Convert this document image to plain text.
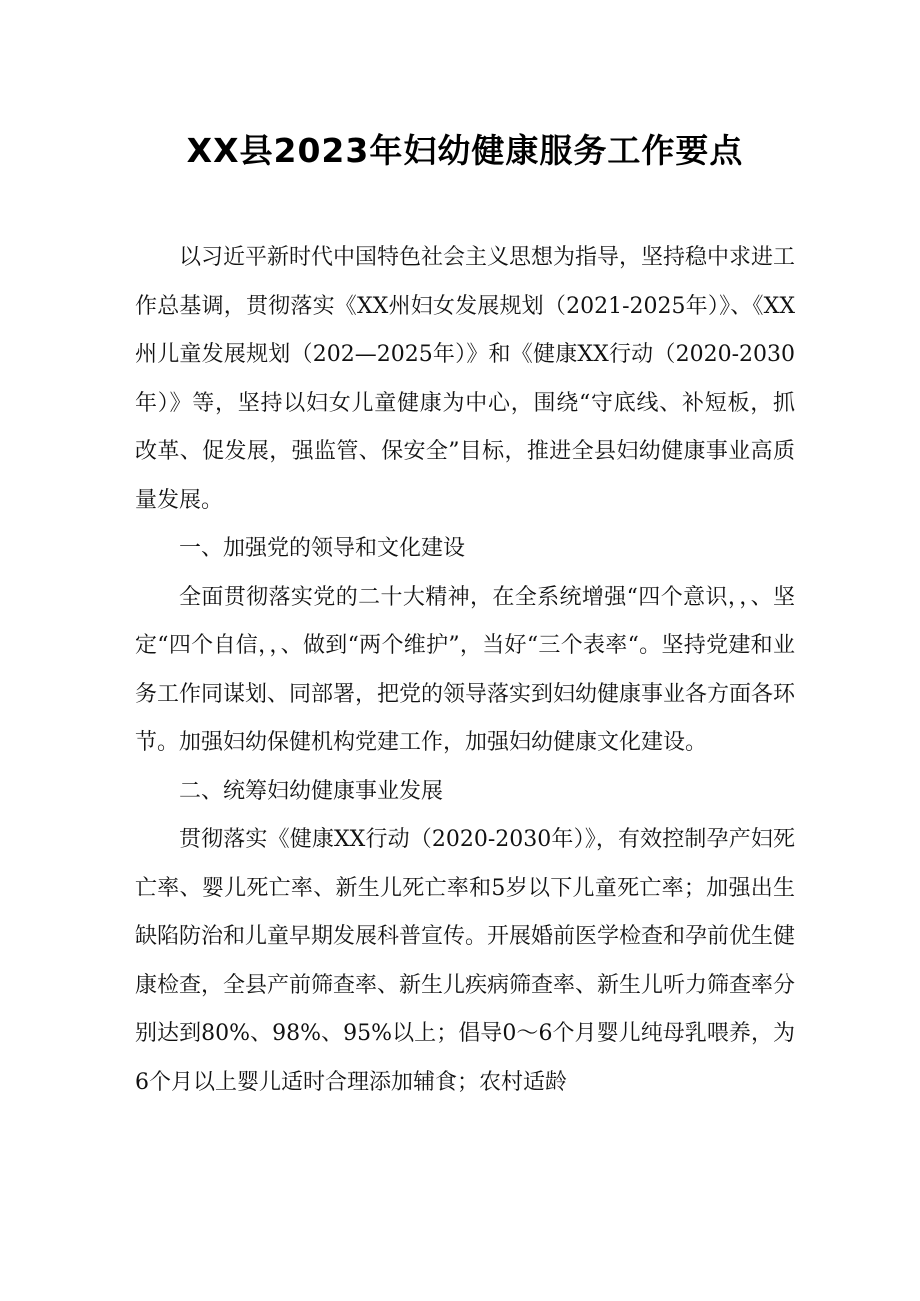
XX县2023年妇幼健康服务工作要点

以习近平新时代中国特色社会主义思想为指导，坚持稳中求进工作总基调，贯彻落实《XX州妇女发展规划（2021-2025年）》、《XX州儿童发展规划（202—2025年）》和《健康XX行动（2020-2030年）》等，坚持以妇女儿童健康为中心，围绕“守底线、补短板，抓改革、促发展，强监管、保安全”目标，推进全县妇幼健康事业高质量发展。

一、加强党的领导和文化建设

全面贯彻落实党的二十大精神，在全系统增强“四个意识，，、坚定“四个自信，，、做到“两个维护”，当好“三个表率“。坚持党建和业务工作同谋划、同部署，把党的领导落实到妇幼健康事业各方面各环节。加强妇幼保健机构党建工作，加强妇幼健康文化建设。

二、统筹妇幼健康事业发展

贯彻落实《健康XX行动（2020-2030年）》，有效控制孕产妇死亡率、婴儿死亡率、新生儿死亡率和5岁以下儿童死亡率；加强出生缺陷防治和儿童早期发展科普宣传。开展婚前医学检查和孕前优生健康检查，全县产前筛查率、新生儿疾病筛查率、新生儿听力筛查率分别达到80%、98%、95%以上；倡导0～6个月婴儿纯母乳喂养，为6个月以上婴儿适时合理添加辅食；农村适龄
